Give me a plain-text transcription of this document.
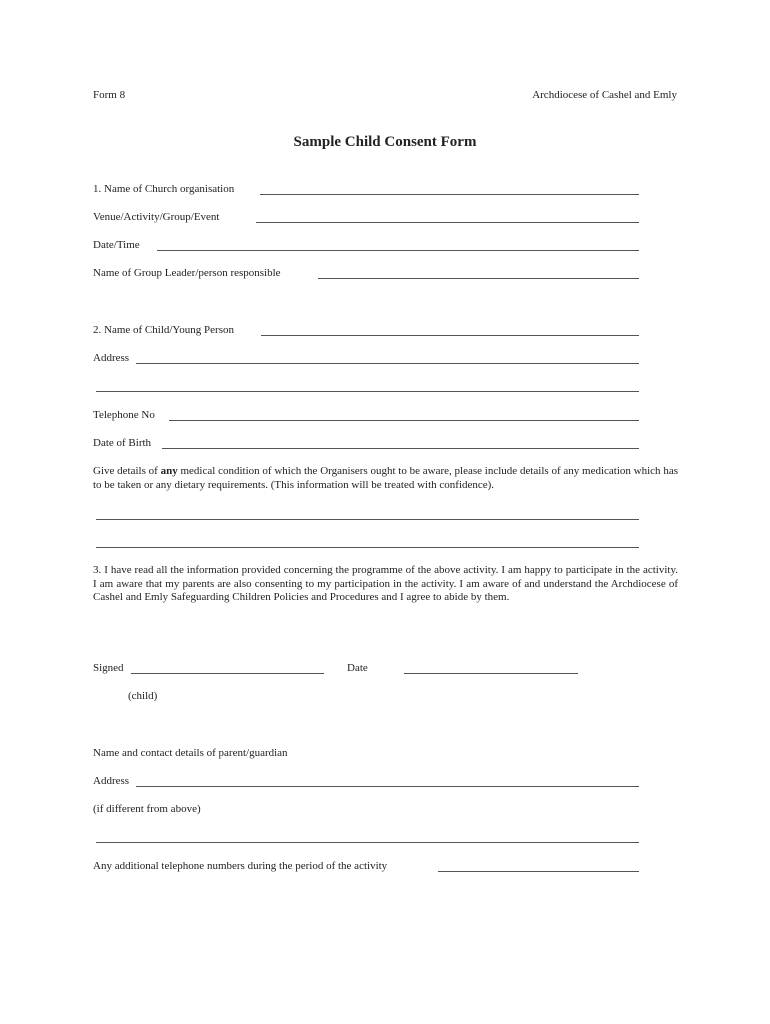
Form 8	Archdiocese of Cashel and Emly
Sample Child Consent Form
1. Name of Church organisation
Venue/Activity/Group/Event
Date/Time
Name of Group Leader/person responsible
2. Name of Child/Young Person
Address
Telephone No
Date of Birth
Give details of any medical condition of which the Organisers ought to be aware, please include details of any medication which has to be taken or any dietary requirements. (This information will be treated with confidence).
3. I have read all the information provided concerning the programme of the above activity. I am happy to participate in the activity. I am aware that my parents are also consenting to my participation in the activity. I am aware of and understand the Archdiocese of Cashel and Emly Safeguarding Children Policies and Procedures and I agree to abide by them.
Signed	Date
(child)
Name and contact details of parent/guardian
Address
(if different from above)
Any additional telephone numbers during the period of the activity
